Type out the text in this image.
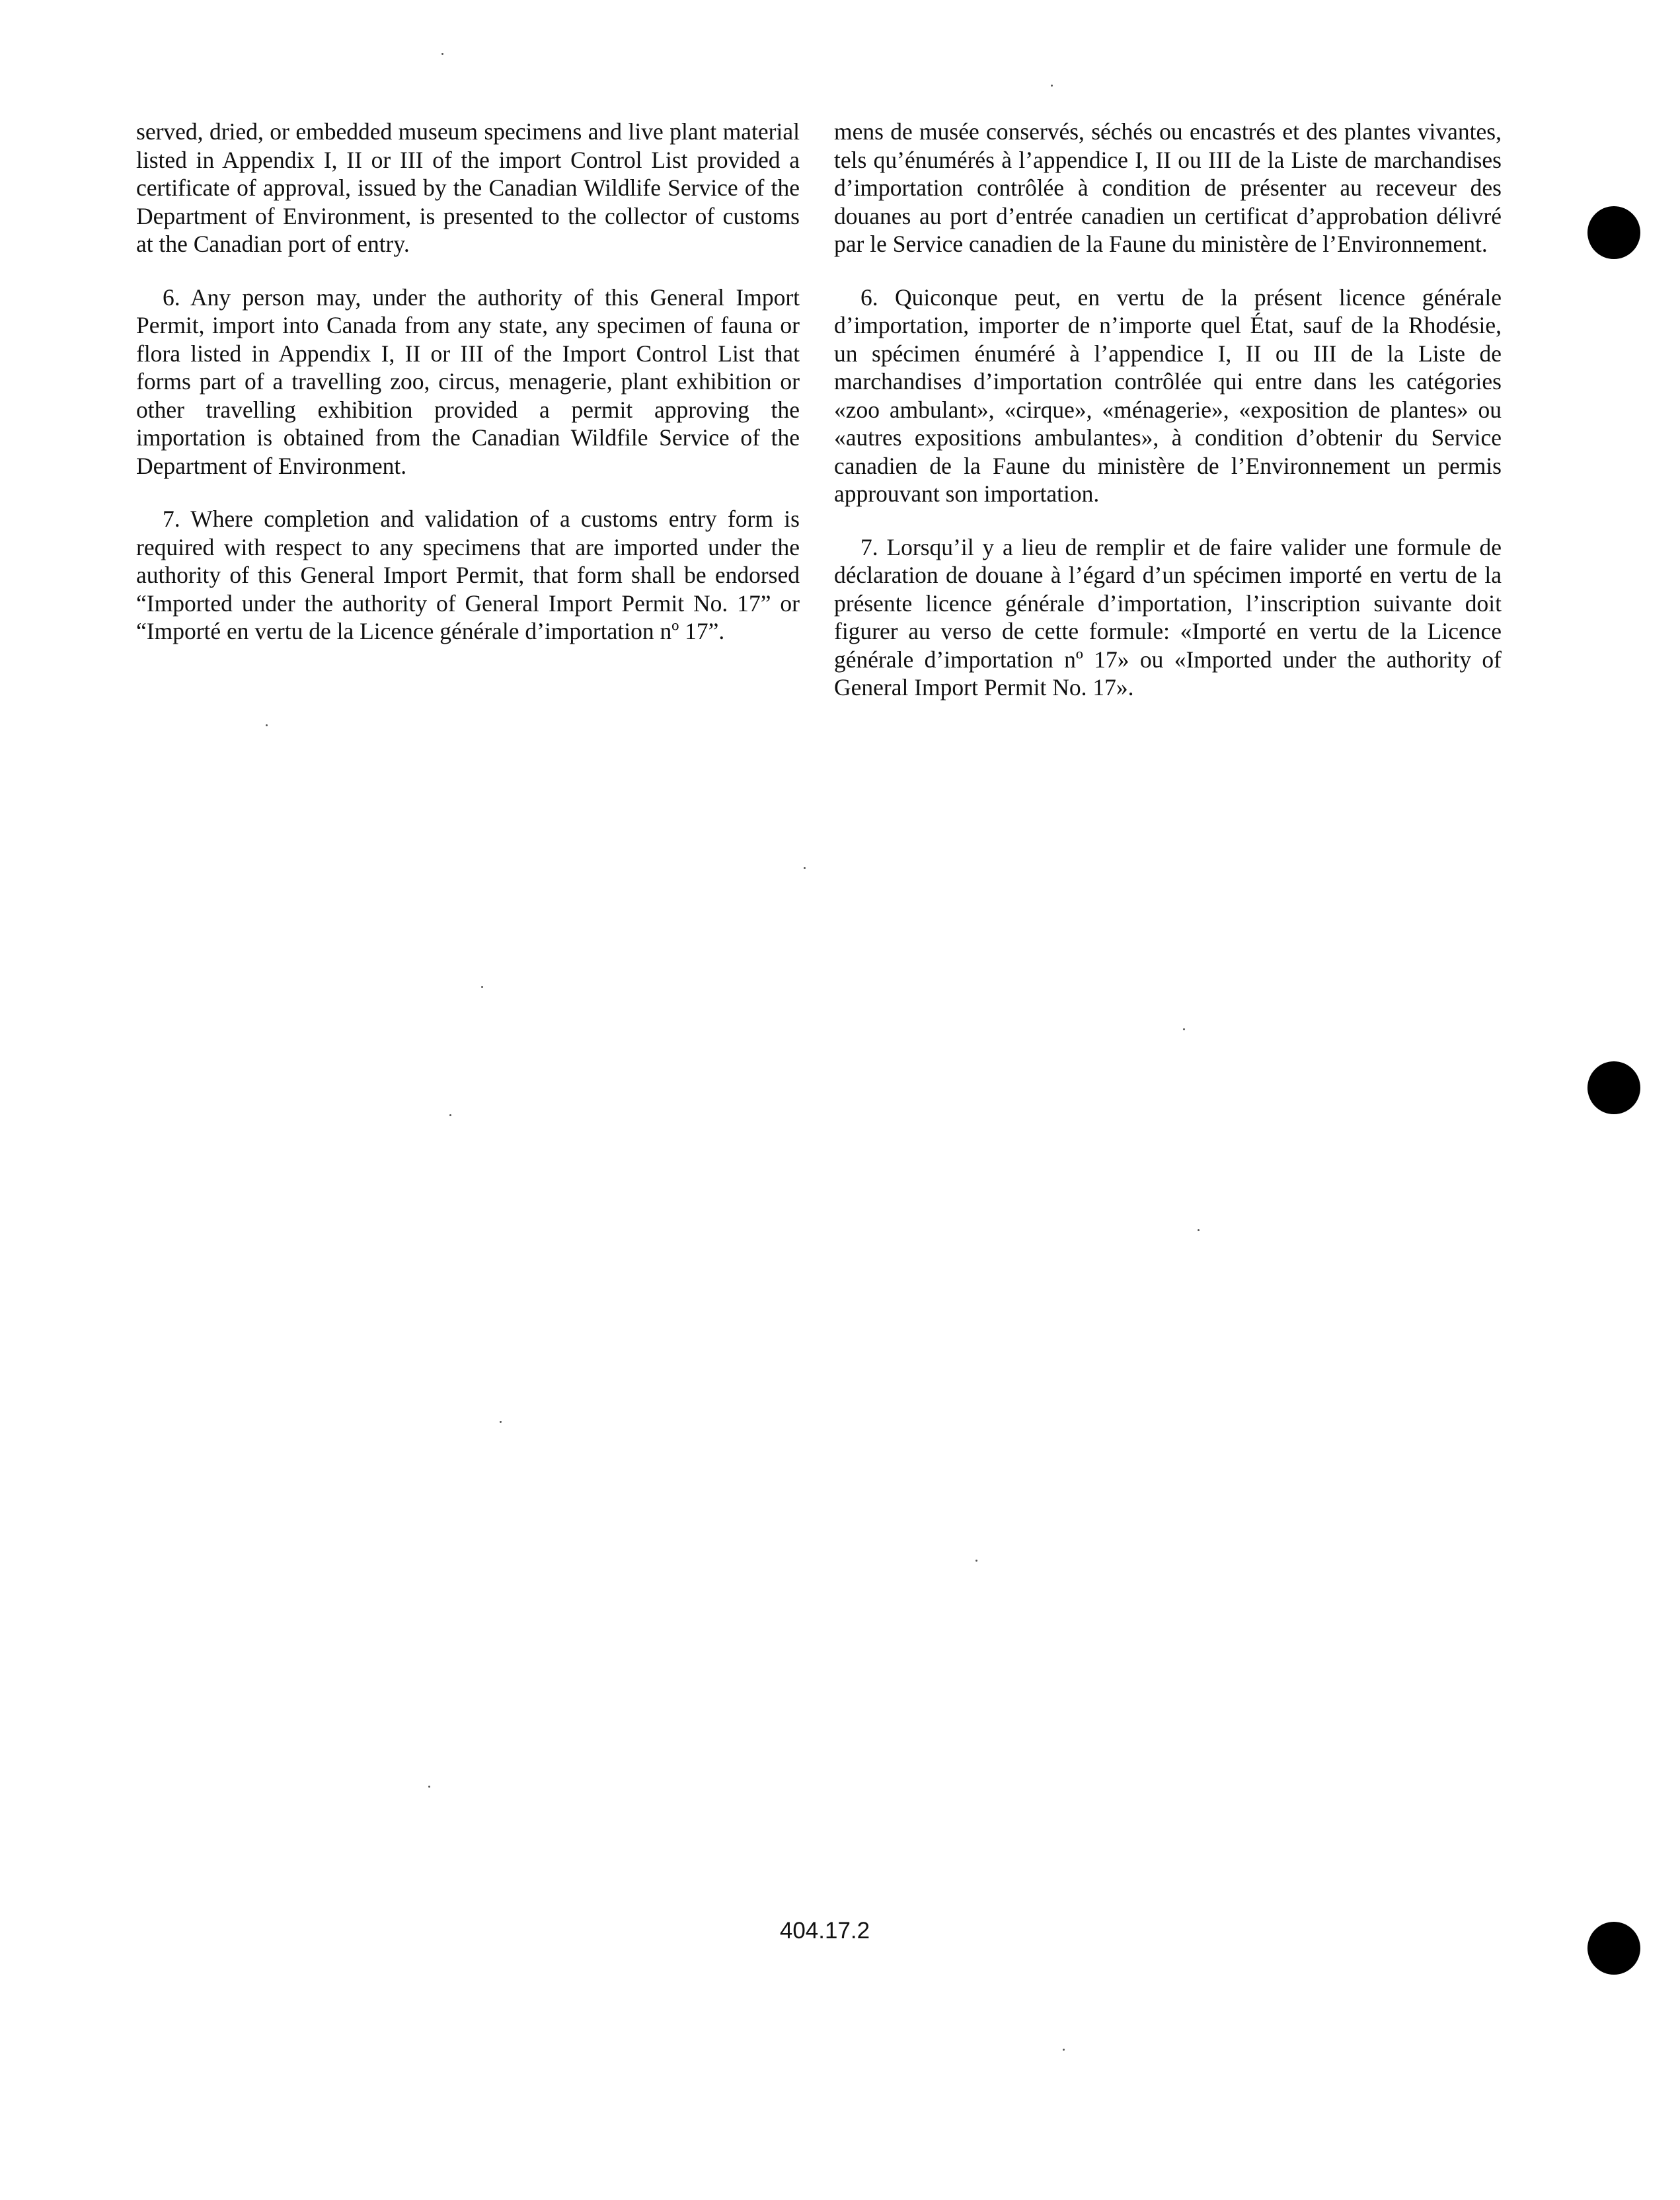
served, dried, or embedded museum specimens and live plant material listed in Appendix I, II or III of the import Control List provided a certificate of approval, issued by the Canadian Wildlife Service of the Department of Environment, is presented to the collector of customs at the Canadian port of entry.

6. Any person may, under the authority of this General Import Permit, import into Canada from any state, any specimen of fauna or flora listed in Appendix I, II or III of the Import Control List that forms part of a travelling zoo, circus, menagerie, plant exhibition or other travelling exhibition provided a permit approving the importation is obtained from the Canadian Wildfile Service of the Department of Environment.

7. Where completion and validation of a customs entry form is required with respect to any specimens that are imported under the authority of this General Import Permit, that form shall be endorsed “Imported under the authority of General Import Permit No. 17” or “Importé en vertu de la Licence générale d’importation nº 17”.

mens de musée conservés, séchés ou encastrés et des plantes vivantes, tels qu’énumérés à l’appendice I, II ou III de la Liste de marchandises d’importation contrôlée à condition de présenter au receveur des douanes au port d’entrée canadien un certificat d’approbation délivré par le Service canadien de la Faune du ministère de l’Environnement.

6. Quiconque peut, en vertu de la présent licence générale d’importation, importer de n’importe quel État, sauf de la Rhodésie, un spécimen énuméré à l’appendice I, II ou III de la Liste de marchandises d’importation contrôlée qui entre dans les catégories «zoo ambulant», «cirque», «ménagerie», «exposition de plantes» ou «autres expositions ambulantes», à condition d’obtenir du Service canadien de la Faune du ministère de l’Environnement un permis approuvant son importation.

7. Lorsqu’il y a lieu de remplir et de faire valider une formule de déclaration de douane à l’égard d’un spécimen importé en vertu de la présente licence générale d’importation, l’inscription suivante doit figurer au verso de cette formule: «Importé en vertu de la Licence générale d’importation nº 17» ou «Imported under the authority of General Import Permit No. 17».

404.17.2
